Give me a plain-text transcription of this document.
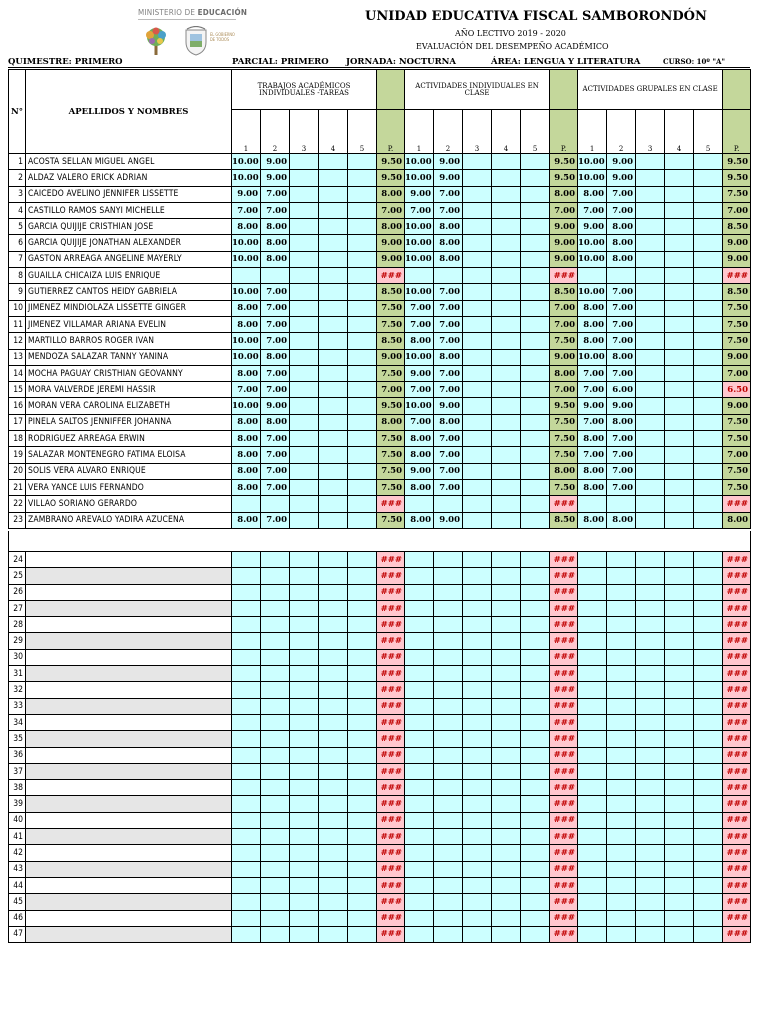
MINISTERIO DE EDUCACIÓN
EL GOBIERNO DE TODOS
UNIDAD EDUCATIVA FISCAL SAMBORONDÓN
AÑO LECTIVO 2019 - 2020
EVALUACIÓN DEL DESEMPEÑO ACADÉMICO
QUIMESTRE: PRIMERO	PARCIAL: PRIMERO JORNADA: NOCTURNA	ÁREA: LENGUA Y LITERATURA	CURSO: 10º "A"
N°	APELLIDOS Y NOMBRES	TRABAJOS ACADÉMICOS INDIVIDUALES -TAREAS						ACTIVIDADES INDIVIDUALES EN CLASE						ACTIVIDADES GRUPALES EN CLASE					
		1	2	3	4	5	P.	1	2	3	4	5	P.	1	2	3	4	5	P.
1	ACOSTA SELLAN MIGUEL ANGEL	10.00	9.00				9.50	10.00	9.00				9.50	10.00	9.00				9.50
2	ALDAZ VALERO ERICK ADRIAN	10.00	9.00				9.50	10.00	9.00				9.50	10.00	9.00				9.50
3	CAICEDO AVELINO JENNIFER LISSETTE	9.00	7.00				8.00	9.00	7.00				8.00	8.00	7.00				7.50
4	CASTILLO RAMOS SANYI MICHELLE	7.00	7.00				7.00	7.00	7.00				7.00	7.00	7.00				7.00
5	GARCIA QUIJIJE CRISTHIAN JOSE	8.00	8.00				8.00	10.00	8.00				9.00	9.00	8.00				8.50
6	GARCIA QUIJIJE JONATHAN ALEXANDER	10.00	8.00				9.00	10.00	8.00				9.00	10.00	8.00				9.00
7	GASTON ARREAGA ANGELINE MAYERLY	10.00	8.00				9.00	10.00	8.00				9.00	10.00	8.00				9.00
8	GUAILLA CHICAIZA LUIS ENRIQUE						###						###						###
9	GUTIERREZ CANTOS HEIDY GABRIELA	10.00	7.00				8.50	10.00	7.00				8.50	10.00	7.00				8.50
10	JIMENEZ MINDIOLAZA LISSETTE GINGER	8.00	7.00				7.50	7.00	7.00				7.00	8.00	7.00				7.50
11	JIMENEZ VILLAMAR ARIANA EVELIN	8.00	7.00				7.50	7.00	7.00				7.00	8.00	7.00				7.50
12	MARTILLO BARROS ROGER IVAN	10.00	7.00				8.50	8.00	7.00				7.50	8.00	7.00				7.50
13	MENDOZA SALAZAR TANNY YANINA	10.00	8.00				9.00	10.00	8.00				9.00	10.00	8.00				9.00
14	MOCHA PAGUAY CRISTHIAN GEOVANNY	8.00	7.00				7.50	9.00	7.00				8.00	7.00	7.00				7.00
15	MORA VALVERDE JEREMI HASSIR	7.00	7.00				7.00	7.00	7.00				7.00	7.00	6.00				6.50
16	MORAN VERA CAROLINA ELIZABETH	10.00	9.00				9.50	10.00	9.00				9.50	9.00	9.00				9.00
17	PINELA SALTOS JENNIFFER JOHANNA	8.00	8.00				8.00	7.00	8.00				7.50	7.00	8.00				7.50
18	RODRIGUEZ ARREAGA ERWIN	8.00	7.00				7.50	8.00	7.00				7.50	8.00	7.00				7.50
19	SALAZAR MONTENEGRO FATIMA ELOISA	8.00	7.00				7.50	8.00	7.00				7.50	7.00	7.00				7.00
20	SOLIS VERA ALVARO ENRIQUE	8.00	7.00				7.50	9.00	7.00				8.00	8.00	7.00				7.50
21	VERA YANCE LUIS FERNANDO	8.00	7.00				7.50	8.00	7.00				7.50	8.00	7.00				7.50
22	VILLAO SORIANO GERARDO						###						###						###
23	ZAMBRANO AREVALO YADIRA AZUCENA	8.00	7.00				7.50	8.00	9.00				8.50	8.00	8.00				8.00
24							###						###						###
25							###						###						###
26							###						###						###
27							###						###						###
28							###						###						###
29							###						###						###
30							###						###						###
31							###						###						###
32							###						###						###
33							###						###						###
34							###						###						###
35							###						###						###
36							###						###						###
37							###						###						###
38							###						###						###
39							###						###						###
40							###						###						###
41							###						###						###
42							###						###						###
43							###						###						###
44							###						###						###
45							###						###						###
46							###						###						###
47							###						###						###
